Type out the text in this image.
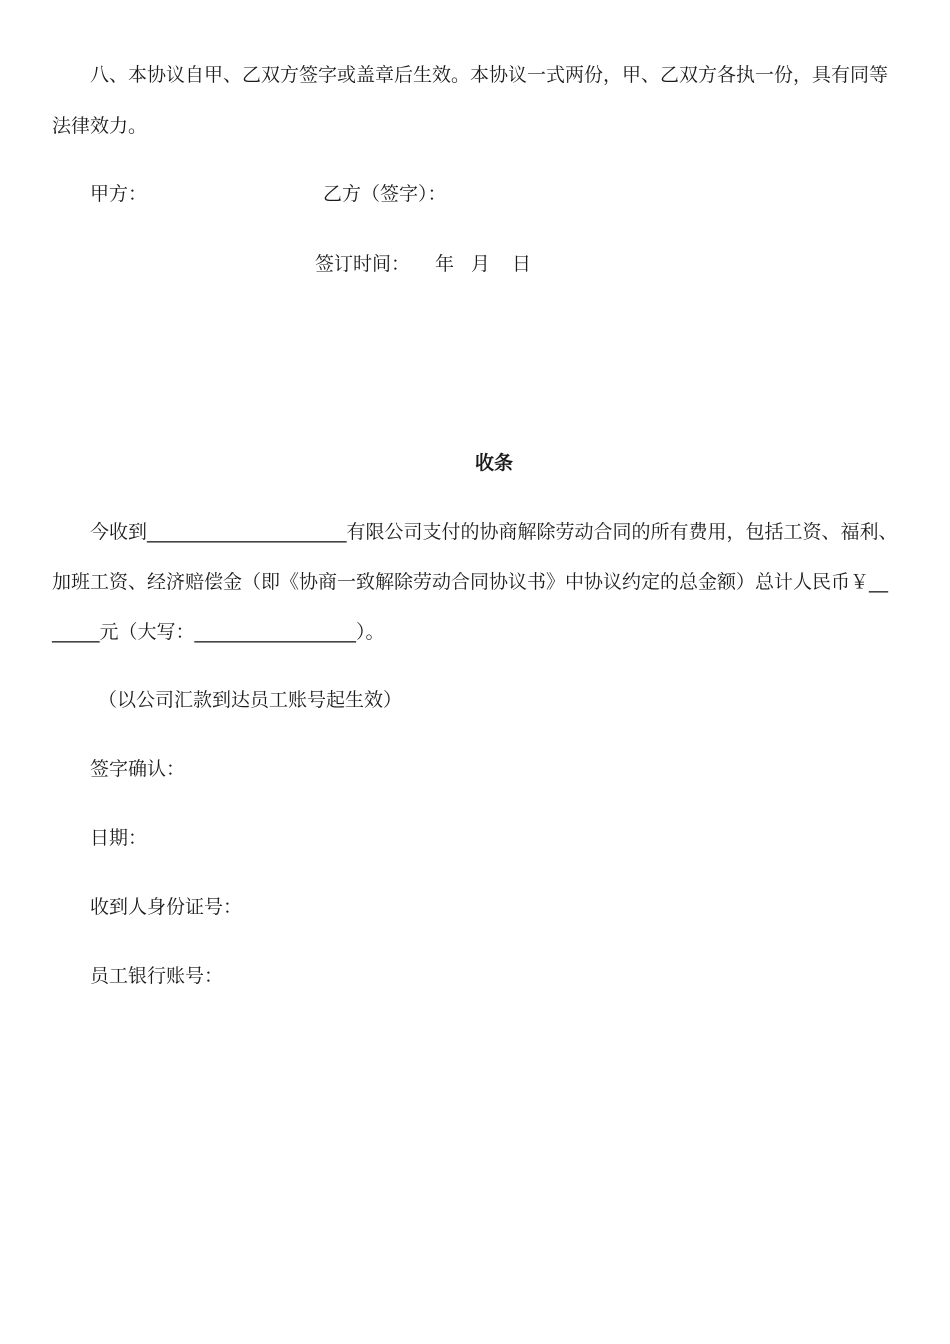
八、本协议自甲、乙双方签字或盖章后生效。本协议一式两份，甲、乙双方各执一份，具有同等
法律效力。
甲方：	乙方（签字）：
签订时间： 年 月 日
收条
今收到_____________________有限公司支付的协商解除劳动合同的所有费用，包括工资、福利、
加班工资、经济赔偿金（即《协商一致解除劳动合同协议书》中协议约定的总金额）总计人民币￥__
_____元（大写：_________________）。
（以公司汇款到达员工账号起生效）
签字确认：
日期：
收到人身份证号：
员工银行账号：
